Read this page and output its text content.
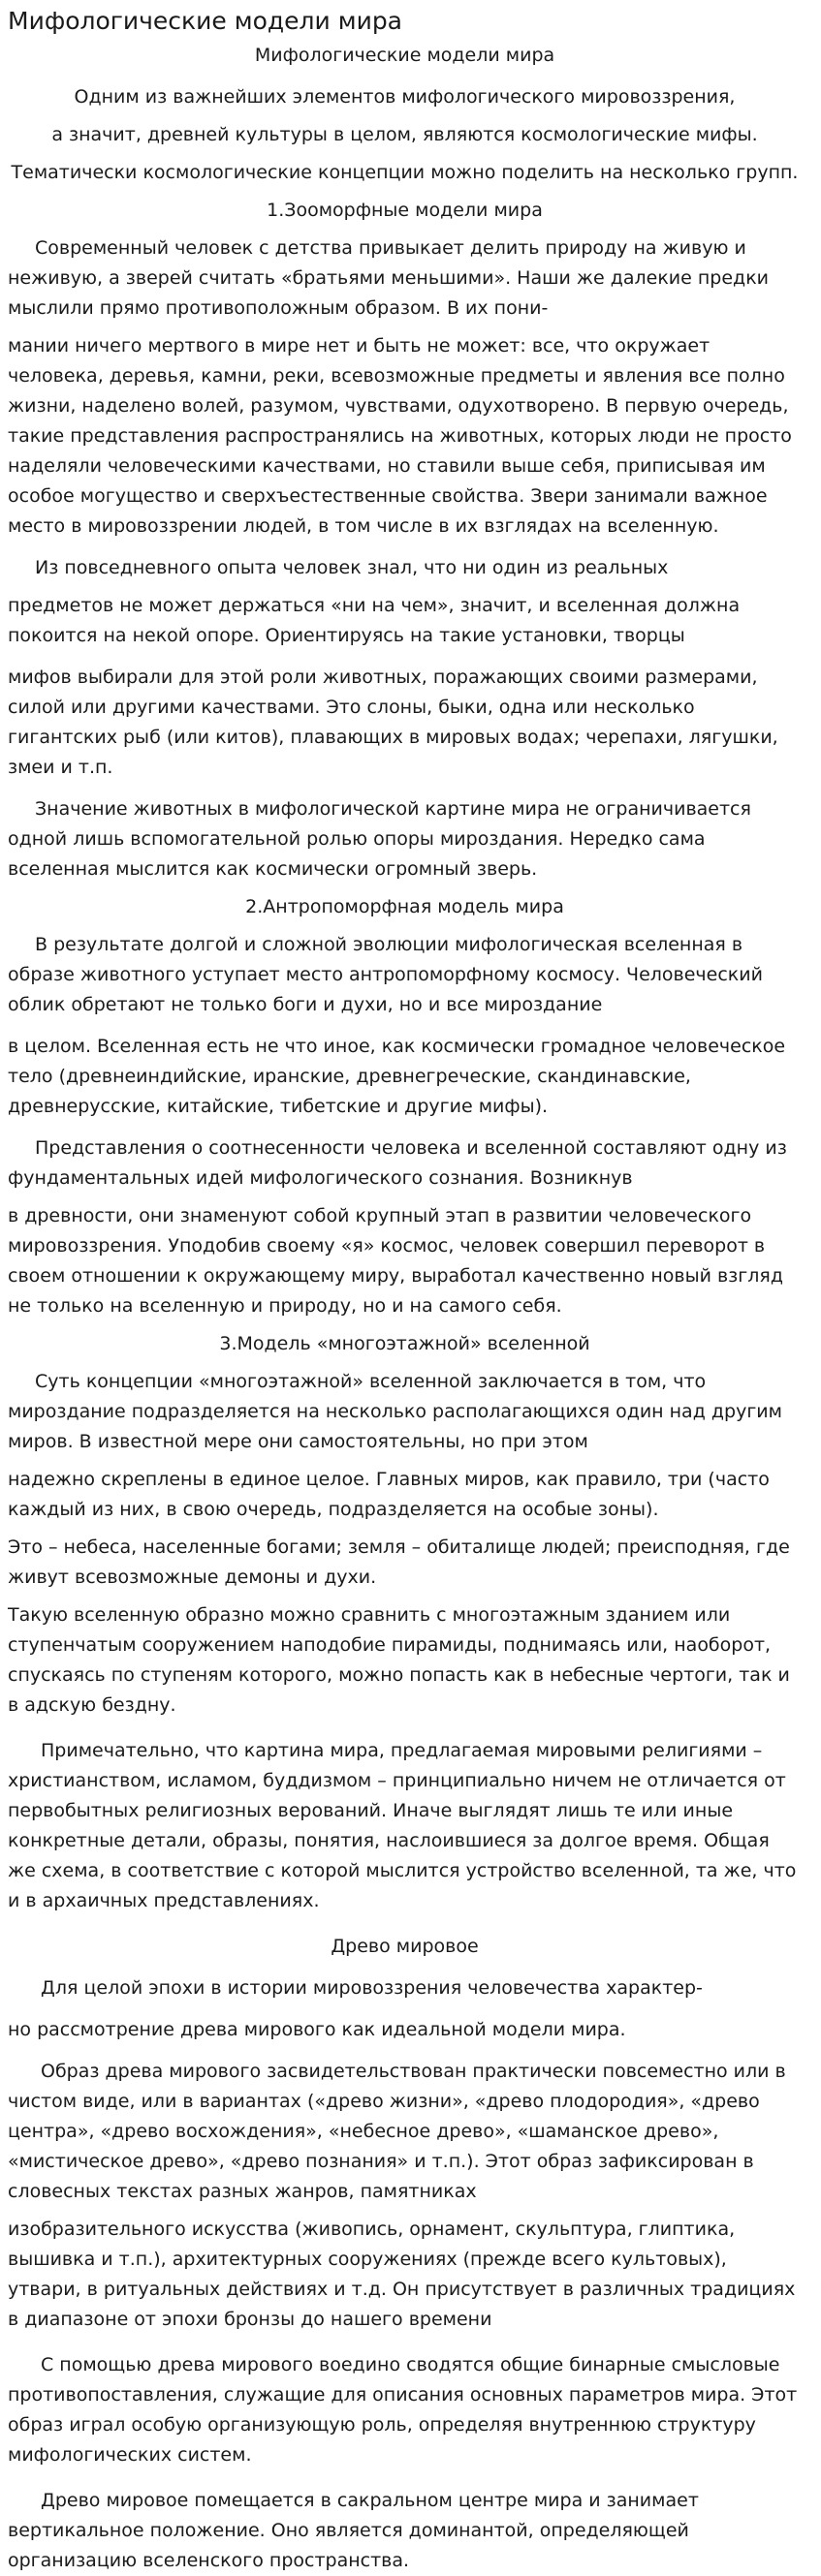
Мифологические модели мира

Мифологические модели мира

Одним из важнейших элементов мифологического мировоззрения,

а значит, древней культуры в целом, являются космологические мифы.

Тематически космологические концепции можно поделить на несколько групп.

1.Зооморфные модели мира

Современный человек с детства привыкает делить природу на живую и неживую, а зверей считать «братьями меньшими». Наши же далекие предки мыслили прямо противоположным образом. В их пони-

мании ничего мертвого в мире нет и быть не может: все, что окружает человека, деревья, камни, реки, всевозможные предметы и явления все полно жизни, наделено волей, разумом, чувствами, одухотворено. В первую очередь, такие представления распространялись на животных, которых люди не просто наделяли человеческими качествами, но ставили выше себя, приписывая им особое могущество и сверхъестественные свойства. Звери занимали важное место в мировоззрении людей, в том числе в их взглядах на вселенную.

Из повседневного опыта человек знал, что ни один из реальных

предметов не может держаться «ни на чем», значит, и вселенная должна покоится на некой опоре. Ориентируясь на такие установки, творцы

мифов выбирали для этой роли животных, поражающих своими размерами, силой или другими качествами. Это слоны, быки, одна или несколько гигантских рыб (или китов), плавающих в мировых водах; черепахи, лягушки, змеи и т.п.

Значение животных в мифологической картине мира не ограничивается одной лишь вспомогательной ролью опоры мироздания. Нередко сама вселенная мыслится как космически огромный зверь.

2.Антропоморфная модель мира

В результате долгой и сложной эволюции мифологическая вселенная в образе животного уступает место антропоморфному космосу. Человеческий облик обретают не только боги и духи, но и все мироздание

в целом. Вселенная есть не что иное, как космически громадное человеческое тело (древнеиндийские, иранские, древнегреческие, скандинавские, древнерусские, китайские, тибетские и другие мифы).

Представления о соотнесенности человека и вселенной составляют одну из фундаментальных идей мифологического сознания. Возникнув

в древности, они знаменуют собой крупный этап в развитии человеческого мировоззрения. Уподобив своему «я» космос, человек совершил переворот в своем отношении к окружающему миру, выработал качественно новый взгляд не только на вселенную и природу, но и на самого себя.

3.Модель «многоэтажной» вселенной

Суть концепции «многоэтажной» вселенной заключается в том, что мироздание подразделяется на несколько располагающихся один над другим миров. В известной мере они самостоятельны, но при этом

надежно скреплены в единое целое. Главных миров, как правило, три (часто каждый из них, в свою очередь, подразделяется на особые зоны).

Это – небеса, населенные богами; земля – обиталище людей; преисподняя, где живут всевозможные демоны и духи.

Такую вселенную образно можно сравнить с многоэтажным зданием или ступенчатым сооружением наподобие пирамиды, поднимаясь или, наоборот, спускаясь по ступеням которого, можно попасть как в небесные чертоги, так и в адскую бездну.

Примечательно, что картина мира, предлагаемая мировыми религиями – христианством, исламом, буддизмом – принципиально ничем не отличается от первобытных религиозных верований. Иначе выглядят лишь те или иные конкретные детали, образы, понятия, наслоившиеся за долгое время. Общая же схема, в соответствие с которой мыслится устройство вселенной, та же, что и в архаичных представлениях.

Древо мировое

Для целой эпохи в истории мировоззрения человечества характер-

но рассмотрение древа мирового как идеальной модели мира.

Образ древа мирового засвидетельствован практически повсеместно или в чистом виде, или в вариантах («древо жизни», «древо плодородия», «древо центра», «древо восхождения», «небесное древо», «шаманское древо», «мистическое древо», «древо познания» и т.п.). Этот образ зафиксирован в словесных текстах разных жанров, памятниках

изобразительного искусства (живопись, орнамент, скульптура, глиптика, вышивка и т.п.), архитектурных сооружениях (прежде всего культовых), утвари, в ритуальных действиях и т.д. Он присутствует в различных традициях в диапазоне от эпохи бронзы до нашего времени

С помощью древа мирового воедино сводятся общие бинарные смысловые противопоставления, служащие для описания основных параметров мира. Этот образ играл особую организующую роль, определяя внутреннюю структуру мифологических систем.

Древо мировое помещается в сакральном центре мира и занимает вертикальное положение. Оно является доминантой, определяющей организацию вселенского пространства.
